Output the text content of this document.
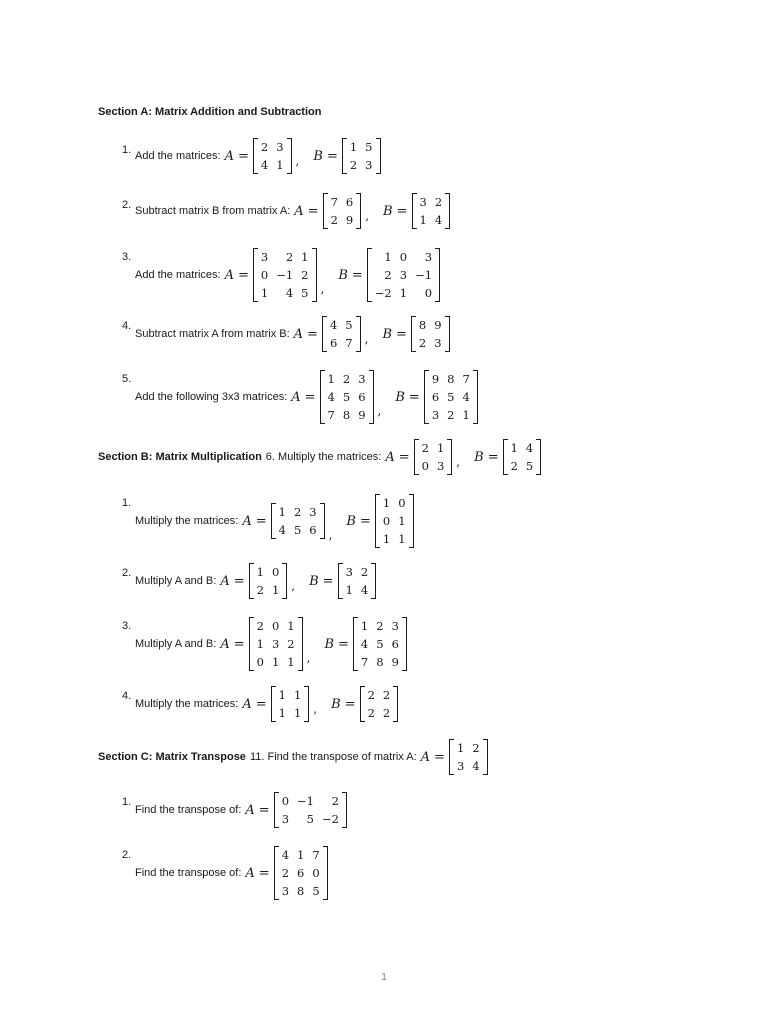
Section A: Matrix Addition and Subtraction
1. Add the matrices: A =
2	3
4	1 , B =
1	5
2	3
2. Subtract matrix B from matrix A: A =
7	6
2	9 , B =
3	2
1	4
3.
Add the matrices: A =
3	2	1
0	−1	2
1	4	5 ,
B =
1	0	3
2	3	−1
−2	1	0
4.
Subtract matrix A from matrix B: A =
4	5
6	7 , B =
8	9
2	3
5.
Add the following 3x3 matrices: A =
1	2	3
4	5	6
7	8	9 ,
B =
9	8	7
6	5	4
3	2	1
Section B: Matrix Multiplication 6. Multiply the matrices: A =
2	1
0	3 , B =
1	4
2	5
1.
Multiply the matrices: A =
1	2	3
4	5	6 ,
B =
1	0
0	1
1	1
2.
Multiply A and B: A =
1	0
2	1 , B =
3	2
1	4
3.
Multiply A and B: A =
2	0	1
1	3	2
0	1	1 ,
B =
1	2	3
4	5	6
7	8	9
4.
Multiply the matrices: A =
1	1
1	1 , B =
2	2
2	2
Section C: Matrix Transpose 11. Find the transpose of matrix A: A =
1	2
3	4
1.
Find the transpose of: A =
0	−1	2
3	5	−2
2.
Find the transpose of: A =
4	1	7
2	6	0
3	8	5
1
